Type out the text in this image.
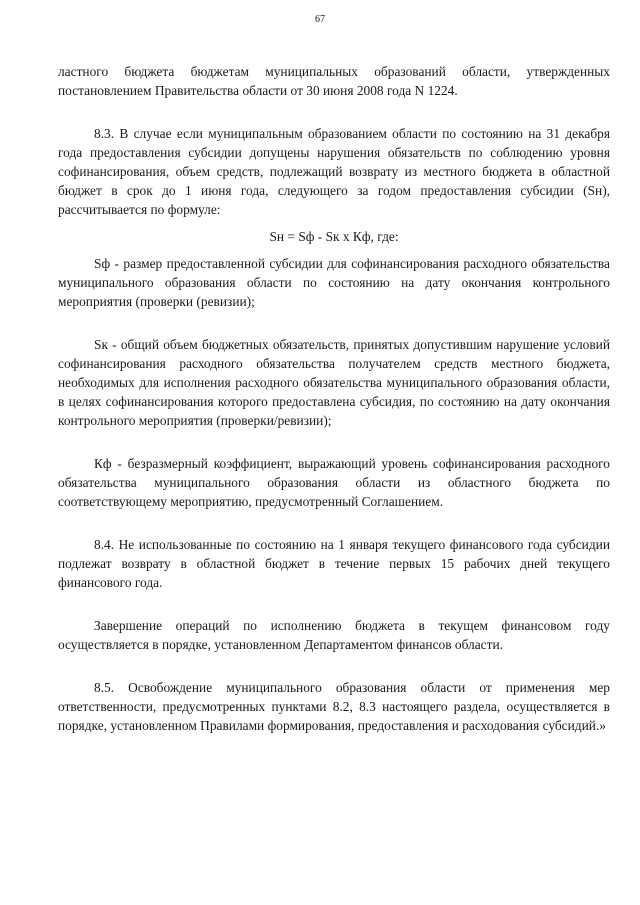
67

ластного бюджета бюджетам муниципальных образований области, утвержденных постановлением Правительства области от 30 июня 2008 года N 1224.

8.3. В случае если муниципальным образованием области по состоянию на 31 декабря года предоставления субсидии допущены нарушения обязательств по соблюдению уровня софинансирования, объем средств, подлежащий возврату из местного бюджета в областной бюджет в срок до 1 июня года, следующего за годом предоставления субсидии (Sн), рассчитывается по формуле:

Sн = Sф - Sк x Кф, где:

Sф - размер предоставленной субсидии для софинансирования расходного обязательства муниципального образования области по состоянию на дату окончания контрольного мероприятия (проверки (ревизии);

Sк - общий объем бюджетных обязательств, принятых допустившим нарушение условий софинансирования расходного обязательства получателем средств местного бюджета, необходимых для исполнения расходного обязательства муниципального образования области, в целях софинансирования которого предоставлена субсидия, по состоянию на дату окончания контрольного мероприятия (проверки/ревизии);

Кф - безразмерный коэффициент, выражающий уровень софинансирования расходного обязательства муниципального образования области из областного бюджета по соответствующему мероприятию, предусмотренный Соглашением.

8.4. Не использованные по состоянию на 1 января текущего финансового года субсидии подлежат возврату в областной бюджет в течение первых 15 рабочих дней текущего финансового года.

Завершение операций по исполнению бюджета в текущем финансовом году осуществляется в порядке, установленном Департаментом финансов области.

8.5. Освобождение муниципального образования области от применения мер ответственности, предусмотренных пунктами 8.2, 8.3 настоящего раздела, осуществляется в порядке, установленном Правилами формирования, предоставления и расходования субсидий.»
